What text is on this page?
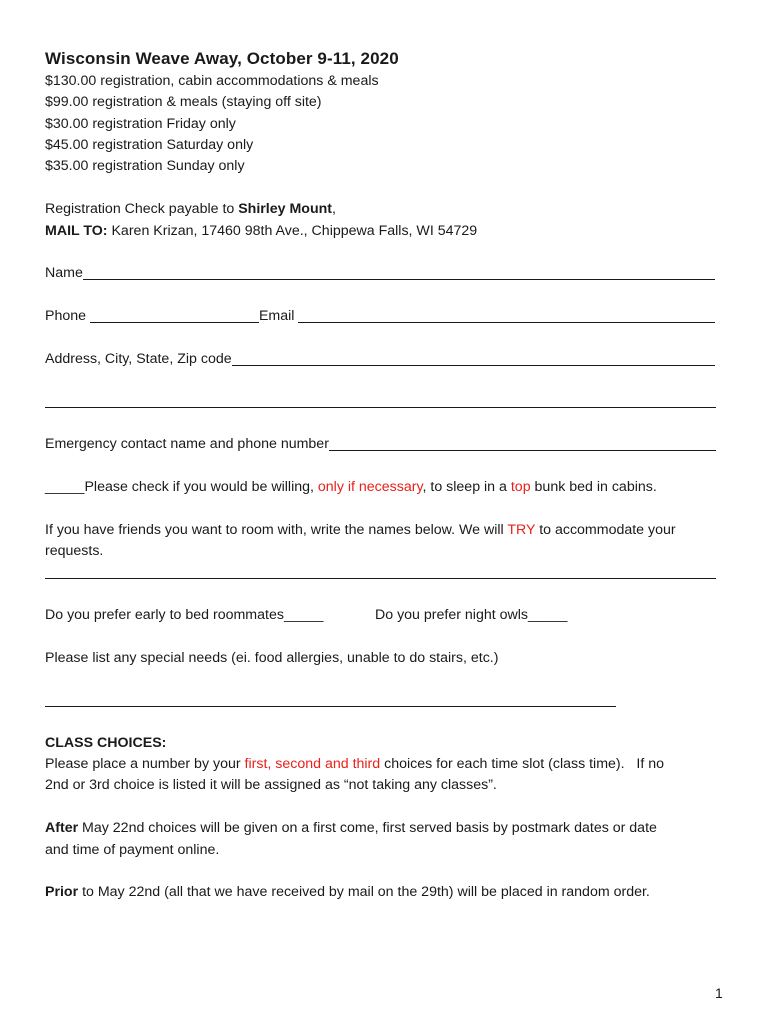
Wisconsin Weave Away, October 9-11, 2020
$130.00 registration, cabin accommodations & meals
$99.00 registration & meals (staying off site)
$30.00 registration Friday only
$45.00 registration Saturday only
$35.00 registration Sunday only
Registration Check payable to Shirley Mount,
MAIL TO: Karen Krizan, 17460 98th Ave., Chippewa Falls, WI 54729
Name
Phone	Email
Address, City, State, Zip code
Emergency contact name and phone number
_____Please check if you would be willing, only if necessary, to sleep in a top bunk bed in cabins.
If you have friends you want to room with, write the names below. We will TRY to accommodate your
requests.
Do you prefer early to bed roommates_____	Do you prefer night owls_____
Please list any special needs (ei. food allergies, unable to do stairs, etc.)
CLASS CHOICES:
Please place a number by your first, second and third choices for each time slot (class time).   If no
2nd or 3rd choice is listed it will be assigned as “not taking any classes”.
After May 22nd choices will be given on a first come, first served basis by postmark dates or date
and time of payment online.
Prior to May 22nd (all that we have received by mail on the 29th) will be placed in random order.
1
